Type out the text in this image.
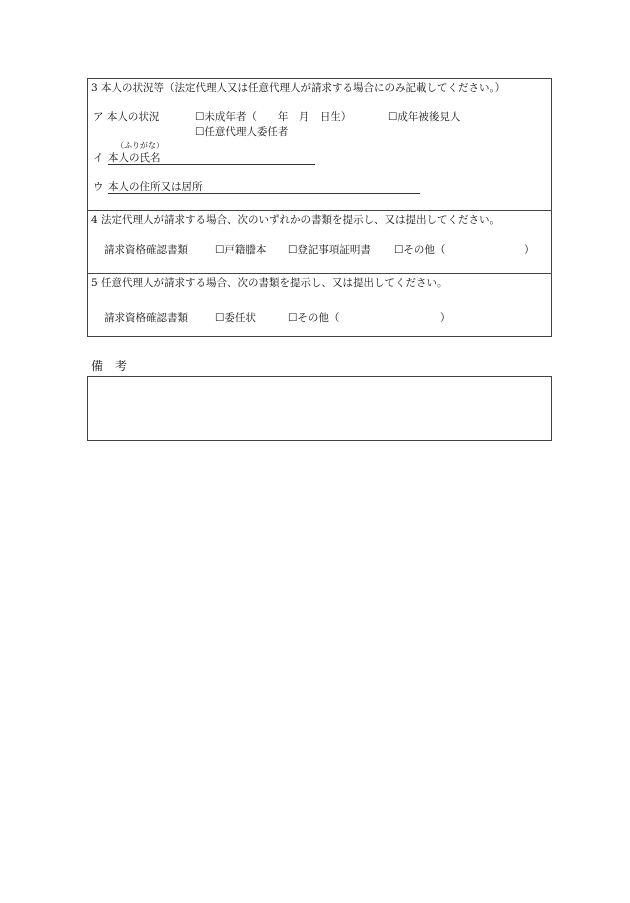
3 本人の状況等（法定代理人又は任意代理人が請求する場合にのみ記載してください。）
ア 本人の状況	☐未成年者（　　年　月　日生）	☐成年被後見人
☐任意代理人委任者
（ふりがな）
イ 本人の氏名
ウ 本人の住所又は居所
4 法定代理人が請求する場合、次のいずれかの書類を提示し、又は提出してください。
請求資格確認書類	☐戸籍謄本 ☐登記事項証明書 ☐その他（	）
5 任意代理人が請求する場合、次の書類を提示し、又は提出してください。
請求資格確認書類	☐委任状	☐その他（	）
備　考
